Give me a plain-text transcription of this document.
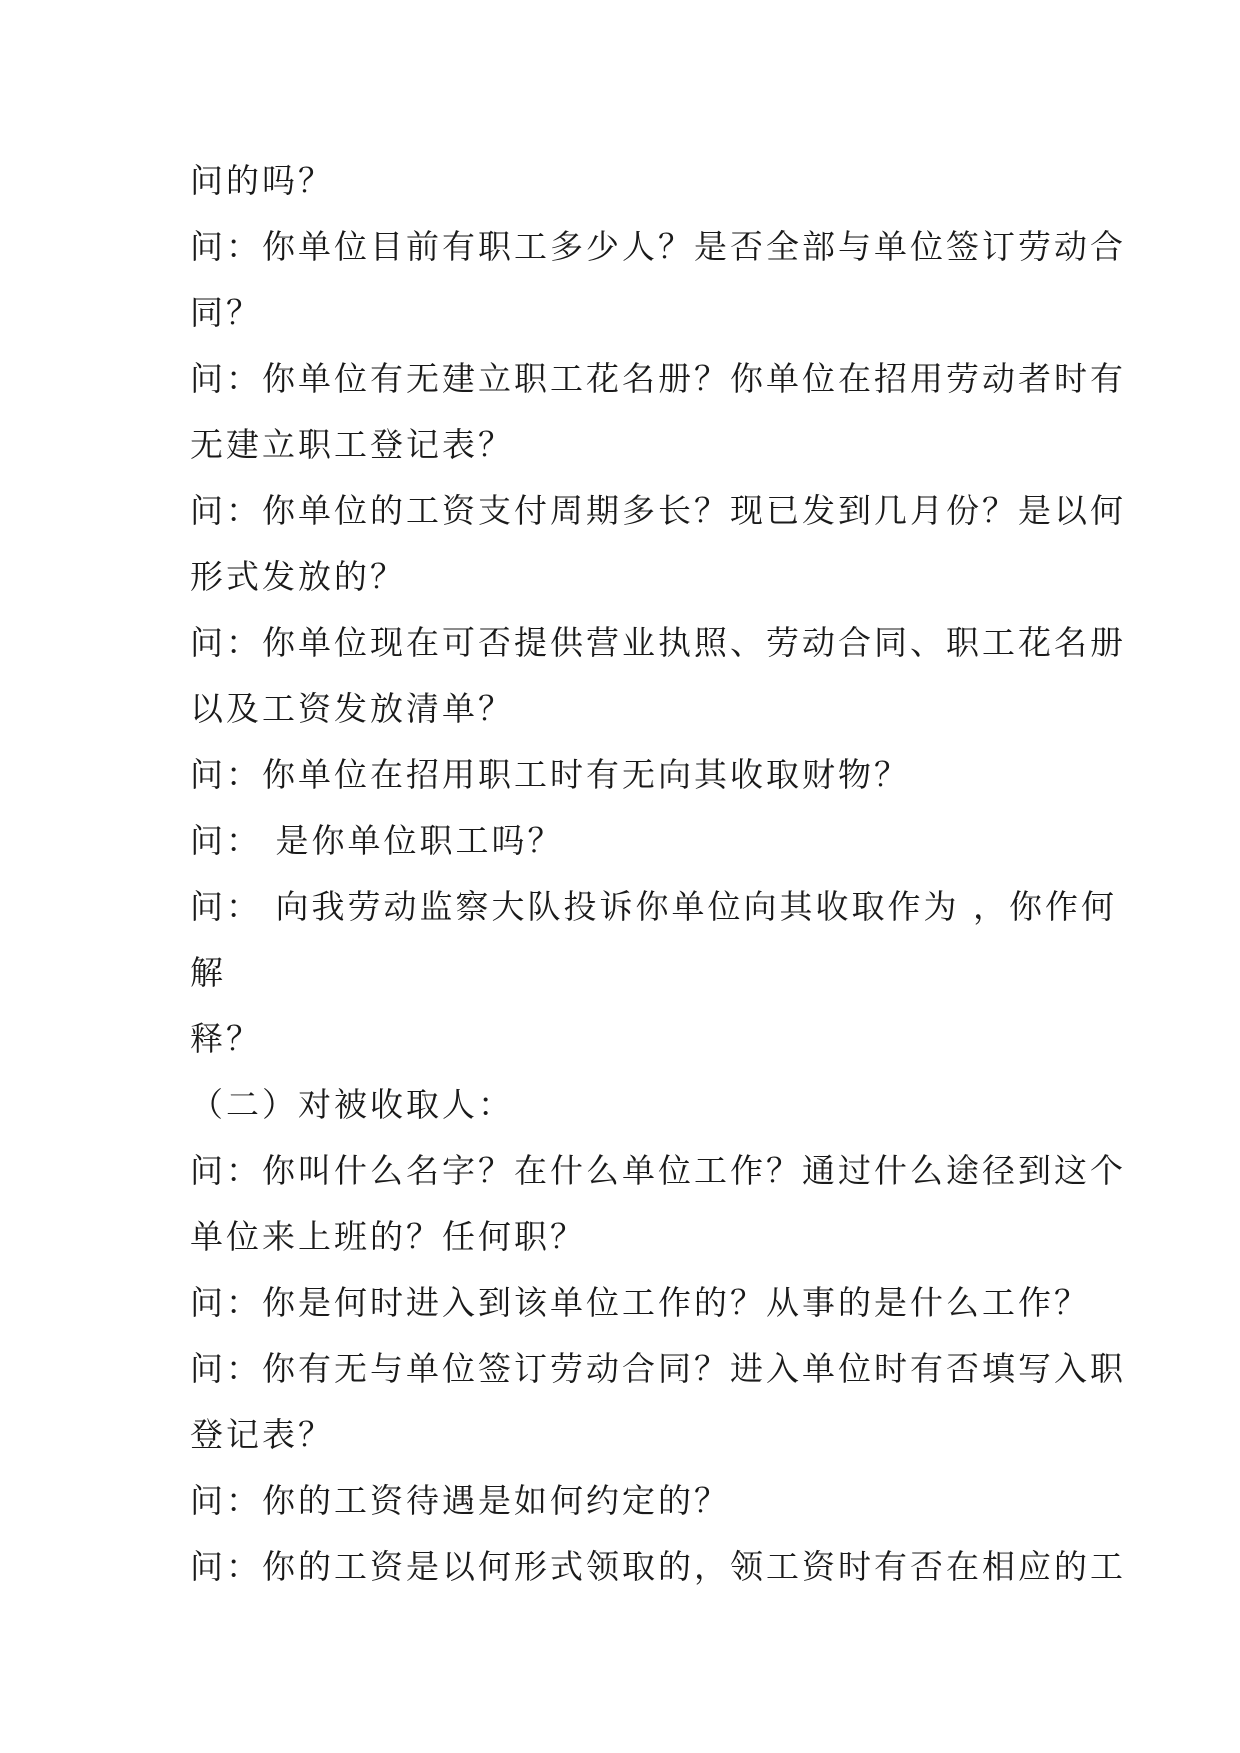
问的吗？
问：你单位目前有职工多少人？是否全部与单位签订劳动合
同？
问：你单位有无建立职工花名册？你单位在招用劳动者时有
无建立职工登记表？
问：你单位的工资支付周期多长？现已发到几月份？是以何
形式发放的？
问：你单位现在可否提供营业执照、劳动合同、职工花名册
以及工资发放清单？
问：你单位在招用职工时有无向其收取财物？
问： 是你单位职工吗？
问： 向我劳动监察大队投诉你单位向其收取作为 ，你作何
解
释？
（二）对被收取人：
问：你叫什么名字？在什么单位工作？通过什么途径到这个
单位来上班的？任何职？
问：你是何时进入到该单位工作的？从事的是什么工作？
问：你有无与单位签订劳动合同？进入单位时有否填写入职
登记表？
问：你的工资待遇是如何约定的？
问：你的工资是以何形式领取的，领工资时有否在相应的工
